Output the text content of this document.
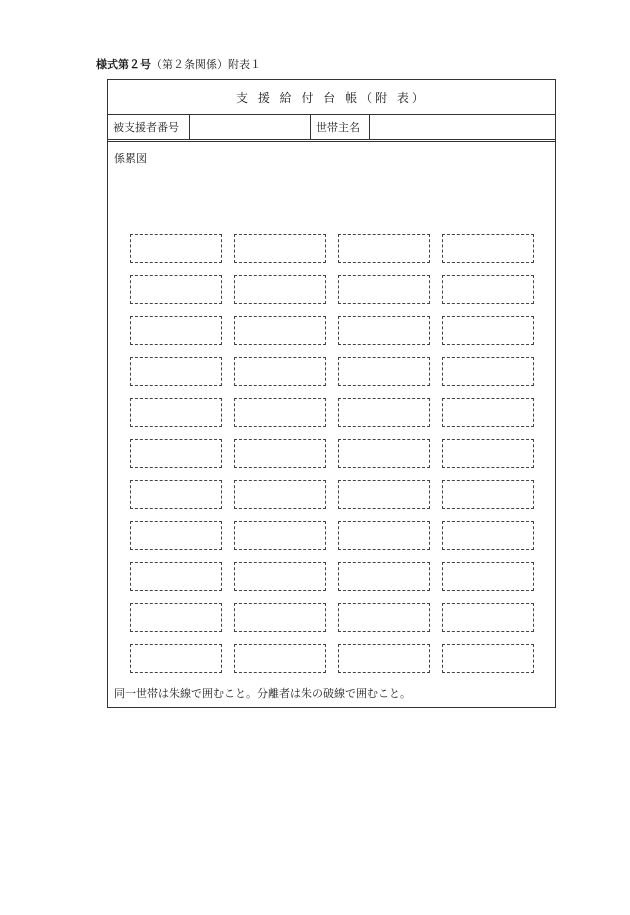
様式第２号（第２条関係）附表１
支 援 給 付 台 帳（附 表）
被支援者番号	世帯主名
係累図
同一世帯は朱線で囲むこと。分離者は朱の破線で囲むこと。
